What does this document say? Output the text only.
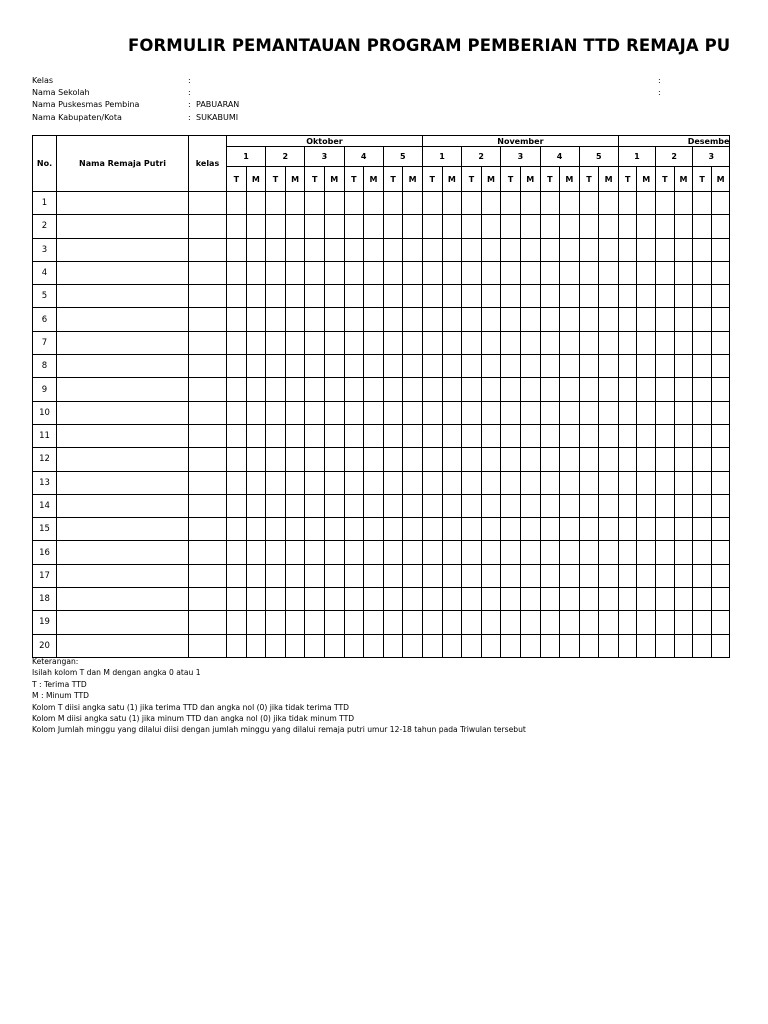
FORMULIR PEMANTAUAN PROGRAM PEMBERIAN TTD REMAJA PU
Kelas	:	:
Nama Sekolah	:	:
Nama Puskesmas Pembina	: PABUARAN
Nama Kabupaten/Kota	: SUKABUMI
No.	Nama Remaja Putri	kelas	Oktober										November										Desembe					
			1		2		3		4		5		1		2		3		4		5		1		2		3	
			T	M	T	M	T	M	T	M	T	M	T	M	T	M	T	M	T	M	T	M	T	M	T	M	T	M
1																												
2																												
3																												
4																												
5																												
6																												
7																												
8																												
9																												
10																												
11																												
12																												
13																												
14																												
15																												
16																												
17																												
18																												
19																												
20																												
Keterangan:
Isilah kolom T dan M dengan angka 0 atau 1
T : Terima TTD
M : Minum TTD
Kolom T diisi angka satu (1) jika terima TTD dan angka nol (0) jika tidak terima TTD
Kolom M diisi angka satu (1) jika minum TTD dan angka nol (0) jika tidak minum TTD
Kolom Jumlah minggu yang dilalui diisi dengan jumlah minggu yang dilalui remaja putri umur 12-18 tahun pada Triwulan tersebut
